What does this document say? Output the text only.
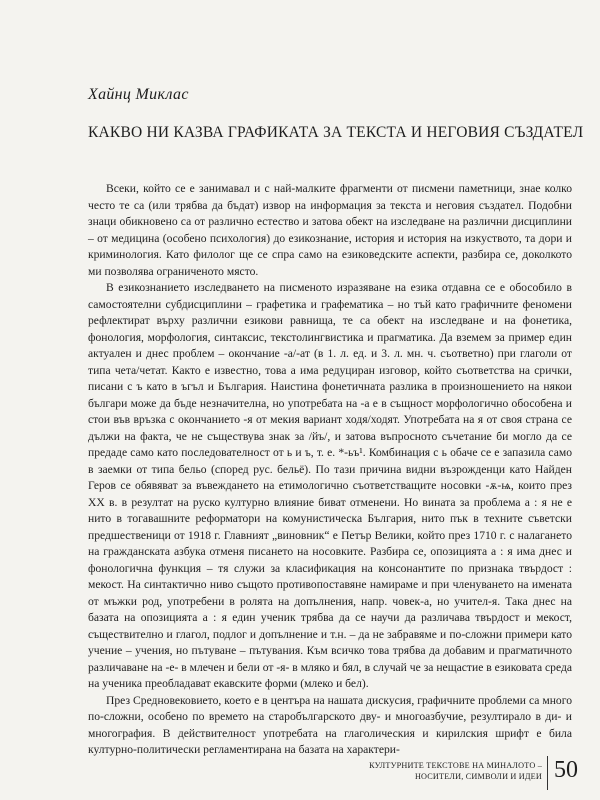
Хайнц Миклас
КАКВО НИ КАЗВА ГРАФИКАТА ЗА ТЕКСТА И НЕГОВИЯ СЪЗДАТЕЛ

Всеки, който се е занимавал и с най-малките фрагменти от писмени паметници, знае колко често те са (или трябва да бъдат) извор на информация за текста и неговия създател. Подобни знаци обикновено са от различно естество и затова обект на изследване на различни дисциплини – от медицина (особено психология) до езикознание, история и история на изкуството, та дори и криминология. Като филолог ще се спра само на езиковедските аспекти, разбира се, доколкото ми позволява ограниченото място.

В езикознанието изследването на писменото изразяване на езика отдавна се е обособило в самостоятелни субдисциплини – графетика и графематика – но тъй като графичните феномени рефлектират върху различни езикови равнища, те са обект на изследване и на фонетика, фонология, морфология, синтаксис, текстолингвистика и прагматика. Да вземем за пример един актуален и днес проблем – окончание -а/-ат (в 1. л. ед. и 3. л. мн. ч. съответно) при глаголи от типа чета/четат. Както е известно, това а има редуциран изговор, който съответства на срички, писани с ъ като в ъгъл и България. Наистина фонетичната разлика в произношението на някои българи може да бъде незначителна, но употребата на -а е в същност морфологично обособена и стои във връзка с окончанието -я от мекия вариант ходя/ходят. Употребата на я от своя страна се дължи на факта, че не съществува знак за /йъ/, и затова въпросното съчетание би могло да се предаде само като последователност от ь и ъ, т. е. *-ьъ¹. Комбинация с ь обаче се е запазила само в заемки от типа бельо (според рус. бельё). По тази причина видни възрожденци като Найден Геров се обявяват за въвеждането на етимологично съответстващите носовки -ѫ-ѩ, които през XX в. в резултат на руско културно влияние биват отменени. Но вината за проблема а : я не е нито в тогавашните реформатори на комунистическа България, нито пък в техните съветски предшественици от 1918 г. Главният „виновник“ е Петър Велики, който през 1710 г. с налагането на гражданската азбука отменя писането на носовките. Разбира се, опозицията а : я има днес и фонологична функция – тя служи за класификация на консонантите по признака твърдост : мекост. На синтактично ниво същото противопоставяне намираме и при членуването на имената от мъжки род, употребени в ролята на допълнения, напр. човек-а, но учител-я. Така днес на базата на опозицията а : я един ученик трябва да се научи да различава твърдост и мекост, съществително и глагол, подлог и допълнение и т.н. – да не забравяме и по-сложни примери като учение – учения, но пътуване – пътувания. Към всичко това трябва да добавим и прагматичното различаване на -е- в млечен и бели от -я- в мляко и бял, в случай че за нещастие в езиковата среда на ученика преобладават екавските форми (млеко и бел).

През Средновековието, което е в центъра на нашата дискусия, графичните проблеми са много по-сложни, особено по времето на старобългарското дву- и многоазбучие, резултирало в ди- и многография. В действителност употребата на глаголическия и кирилския шрифт е била културно-политически регламентирана на базата на характери-

КУЛТУРНИТЕ ТЕКСТОВЕ НА МИНАЛОТО –
НОСИТЕЛИ, СИМВОЛИ И ИДЕИ 50
